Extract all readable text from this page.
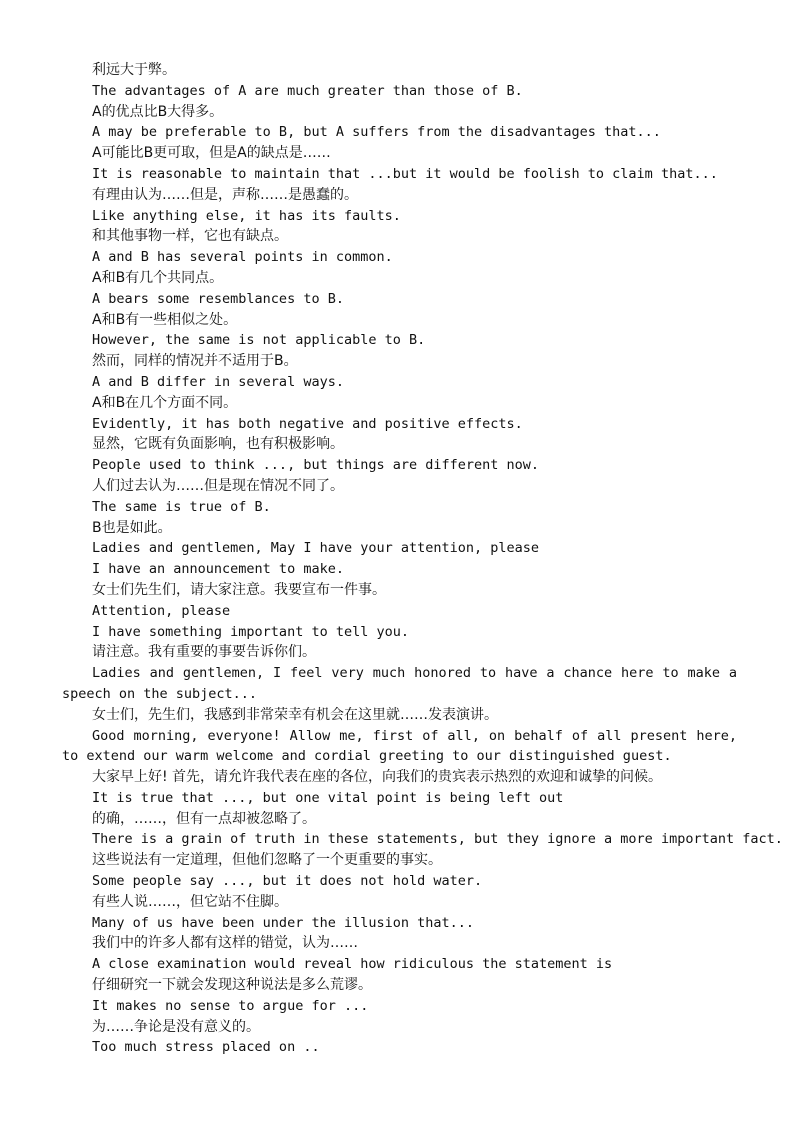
利远大于弊。
The advantages of A are much greater than those of B.
A的优点比B大得多。
A may be preferable to B, but A suffers from the disadvantages that...
A可能比B更可取，但是A的缺点是……
It is reasonable to maintain that ...but it would be foolish to claim that...
有理由认为……但是，声称……是愚蠢的。
Like anything else, it has its faults.
和其他事物一样，它也有缺点。
A and B has several points in common.
A和B有几个共同点。
A bears some resemblances to B.
A和B有一些相似之处。
However, the same is not applicable to B.
然而，同样的情况并不适用于B。
A and B differ in several ways.
A和B在几个方面不同。
Evidently, it has both negative and positive effects.
显然，它既有负面影响，也有积极影响。
People used to think ..., but things are different now.
人们过去认为……但是现在情况不同了。
The same is true of B.
B也是如此。
Ladies and gentlemen, May I have your attention, please
I have an announcement to make.
女士们先生们，请大家注意。我要宣布一件事。
Attention, please
I have something important to tell you.
请注意。我有重要的事要告诉你们。
Ladies and gentlemen, I feel very much honored to have a chance here to make a speech on the subject...
女士们，先生们，我感到非常荣幸有机会在这里就……发表演讲。
Good morning, everyone! Allow me, first of all, on behalf of all present here, to extend our warm welcome and cordial greeting to our distinguished guest.
大家早上好! 首先，请允许我代表在座的各位，向我们的贵宾表示热烈的欢迎和诚挚的问候。
It is true that ..., but one vital point is being left out
的确，……，但有一点却被忽略了。
There is a grain of truth in these statements, but they ignore a more important fact.
这些说法有一定道理，但他们忽略了一个更重要的事实。
Some people say ..., but it does not hold water.
有些人说……，但它站不住脚。
Many of us have been under the illusion that...
我们中的许多人都有这样的错觉，认为……
A close examination would reveal how ridiculous the statement is
仔细研究一下就会发现这种说法是多么荒谬。
It makes no sense to argue for ...
为……争论是没有意义的。
Too much stress placed on ..
